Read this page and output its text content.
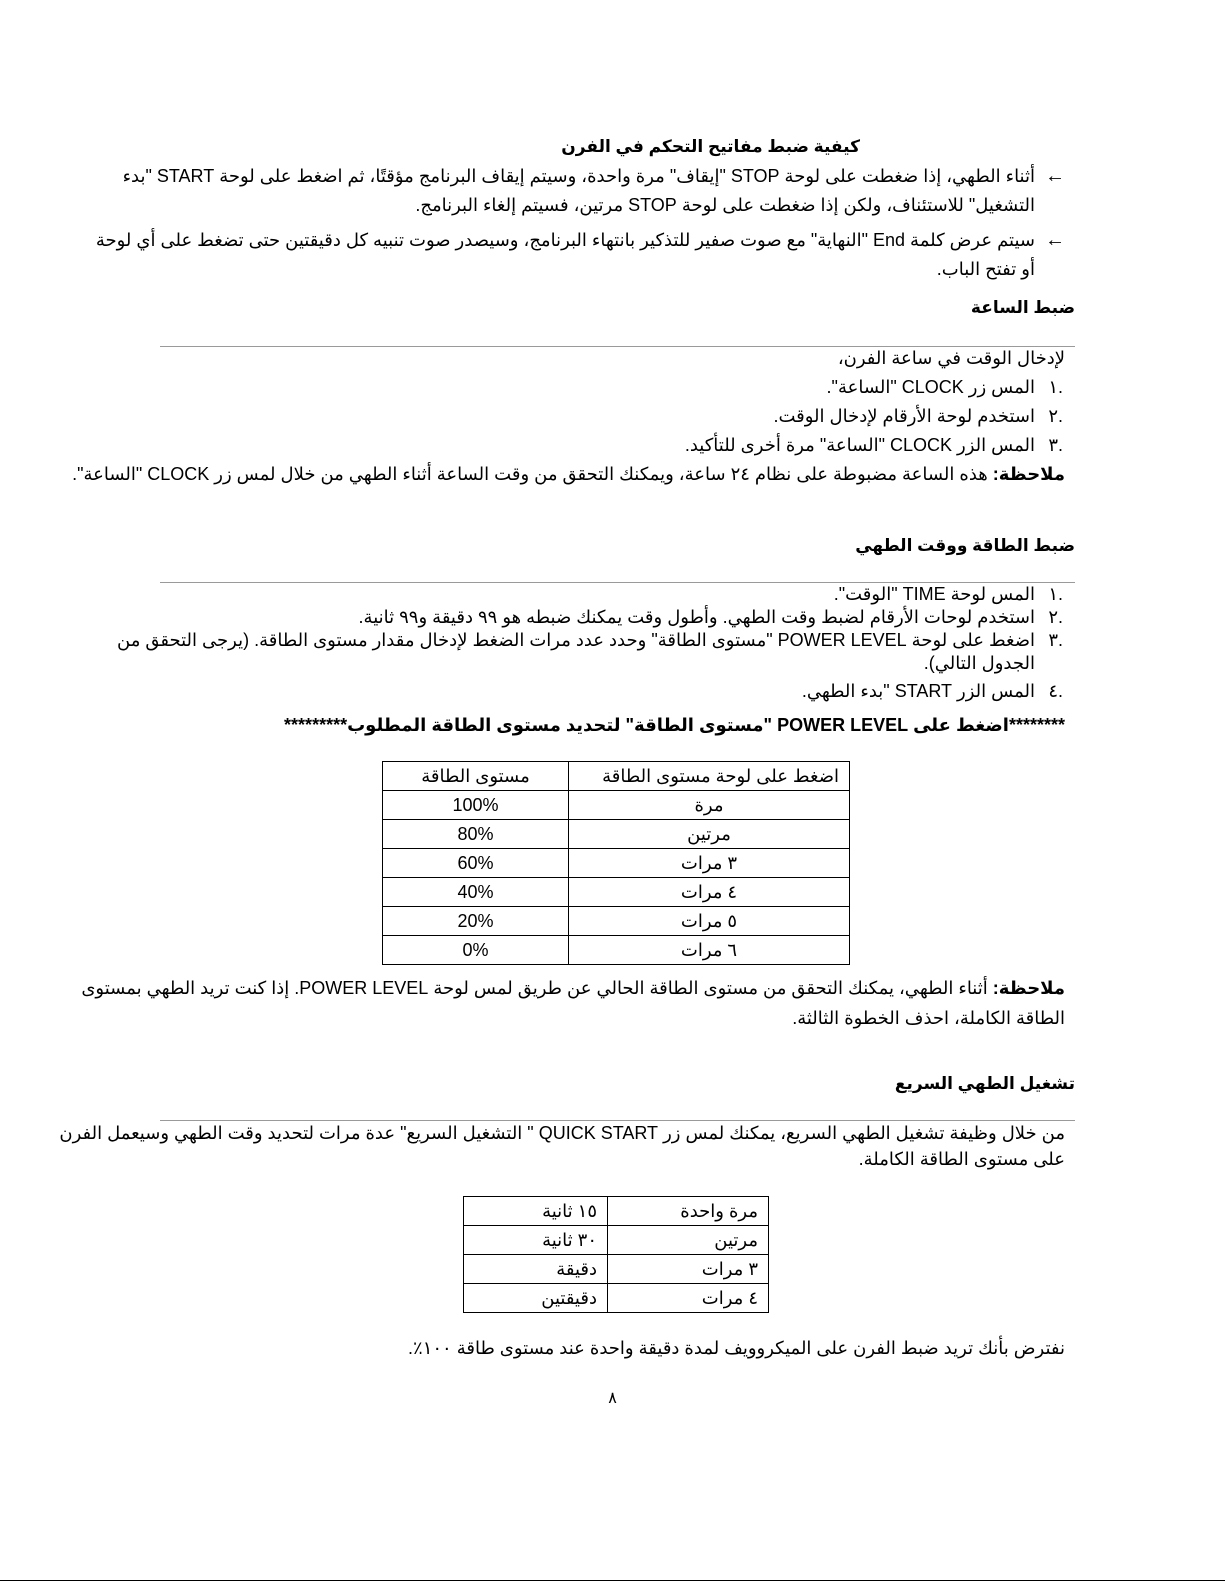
كيفية ضبط مفاتيح التحكم في الفرن
←
أثناء الطهي، إذا ضغطت على لوحة STOP "إيقاف" مرة واحدة، وسيتم إيقاف البرنامج مؤقتًا، ثم اضغط على لوحة START "بدء
التشغيل" للاستئناف، ولكن إذا ضغطت على لوحة STOP مرتين، فسيتم إلغاء البرنامج.
←
سيتم عرض كلمة End "النهاية" مع صوت صفير للتذكير بانتهاء البرنامج، وسيصدر صوت تنبيه كل دقيقتين حتى تضغط على أي لوحة
أو تفتح الباب.
ضبط الساعة
لإدخال الوقت في ساعة الفرن،
.١
المس زر CLOCK "الساعة".
.٢
استخدم لوحة الأرقام لإدخال الوقت.
.٣
المس الزر CLOCK "الساعة" مرة أخرى للتأكيد.
ملاحظة: هذه الساعة مضبوطة على نظام ٢٤ ساعة، ويمكنك التحقق من وقت الساعة أثناء الطهي من خلال لمس زر CLOCK "الساعة".
ضبط الطاقة ووقت الطهي
.١
المس لوحة TIME "الوقت".
.٢
استخدم لوحات الأرقام لضبط وقت الطهي. وأطول وقت يمكنك ضبطه هو ٩٩ دقيقة و٩٩ ثانية.
.٣
اضغط على لوحة POWER LEVEL "مستوى الطاقة" وحدد عدد مرات الضغط لإدخال مقدار مستوى الطاقة. (يرجى التحقق من
الجدول التالي).
.٤
المس الزر START "بدء الطهي.
********اضغط على POWER LEVEL "مستوى الطاقة" لتحديد مستوى الطاقة المطلوب*********
اضغط على لوحة مستوى الطاقة	مستوى الطاقة
مرة	100%
مرتين	80%
٣ مرات	60%
٤ مرات	40%
٥ مرات	20%
٦ مرات	0%
ملاحظة: أثناء الطهي، يمكنك التحقق من مستوى الطاقة الحالي عن طريق لمس لوحة POWER LEVEL. إذا كنت تريد الطهي بمستوى
الطاقة الكاملة، احذف الخطوة الثالثة.
تشغيل الطهي السريع
من خلال وظيفة تشغيل الطهي السريع، يمكنك لمس زر QUICK START " التشغيل السريع" عدة مرات لتحديد وقت الطهي وسيعمل الفرن
على مستوى الطاقة الكاملة.
مرة واحدة	١٥ ثانية
مرتين	٣٠ ثانية
٣ مرات	دقيقة
٤ مرات	دقيقتين
نفترض بأنك تريد ضبط الفرن على الميكروويف لمدة دقيقة واحدة عند مستوى طاقة ١٠٠٪.
٨
